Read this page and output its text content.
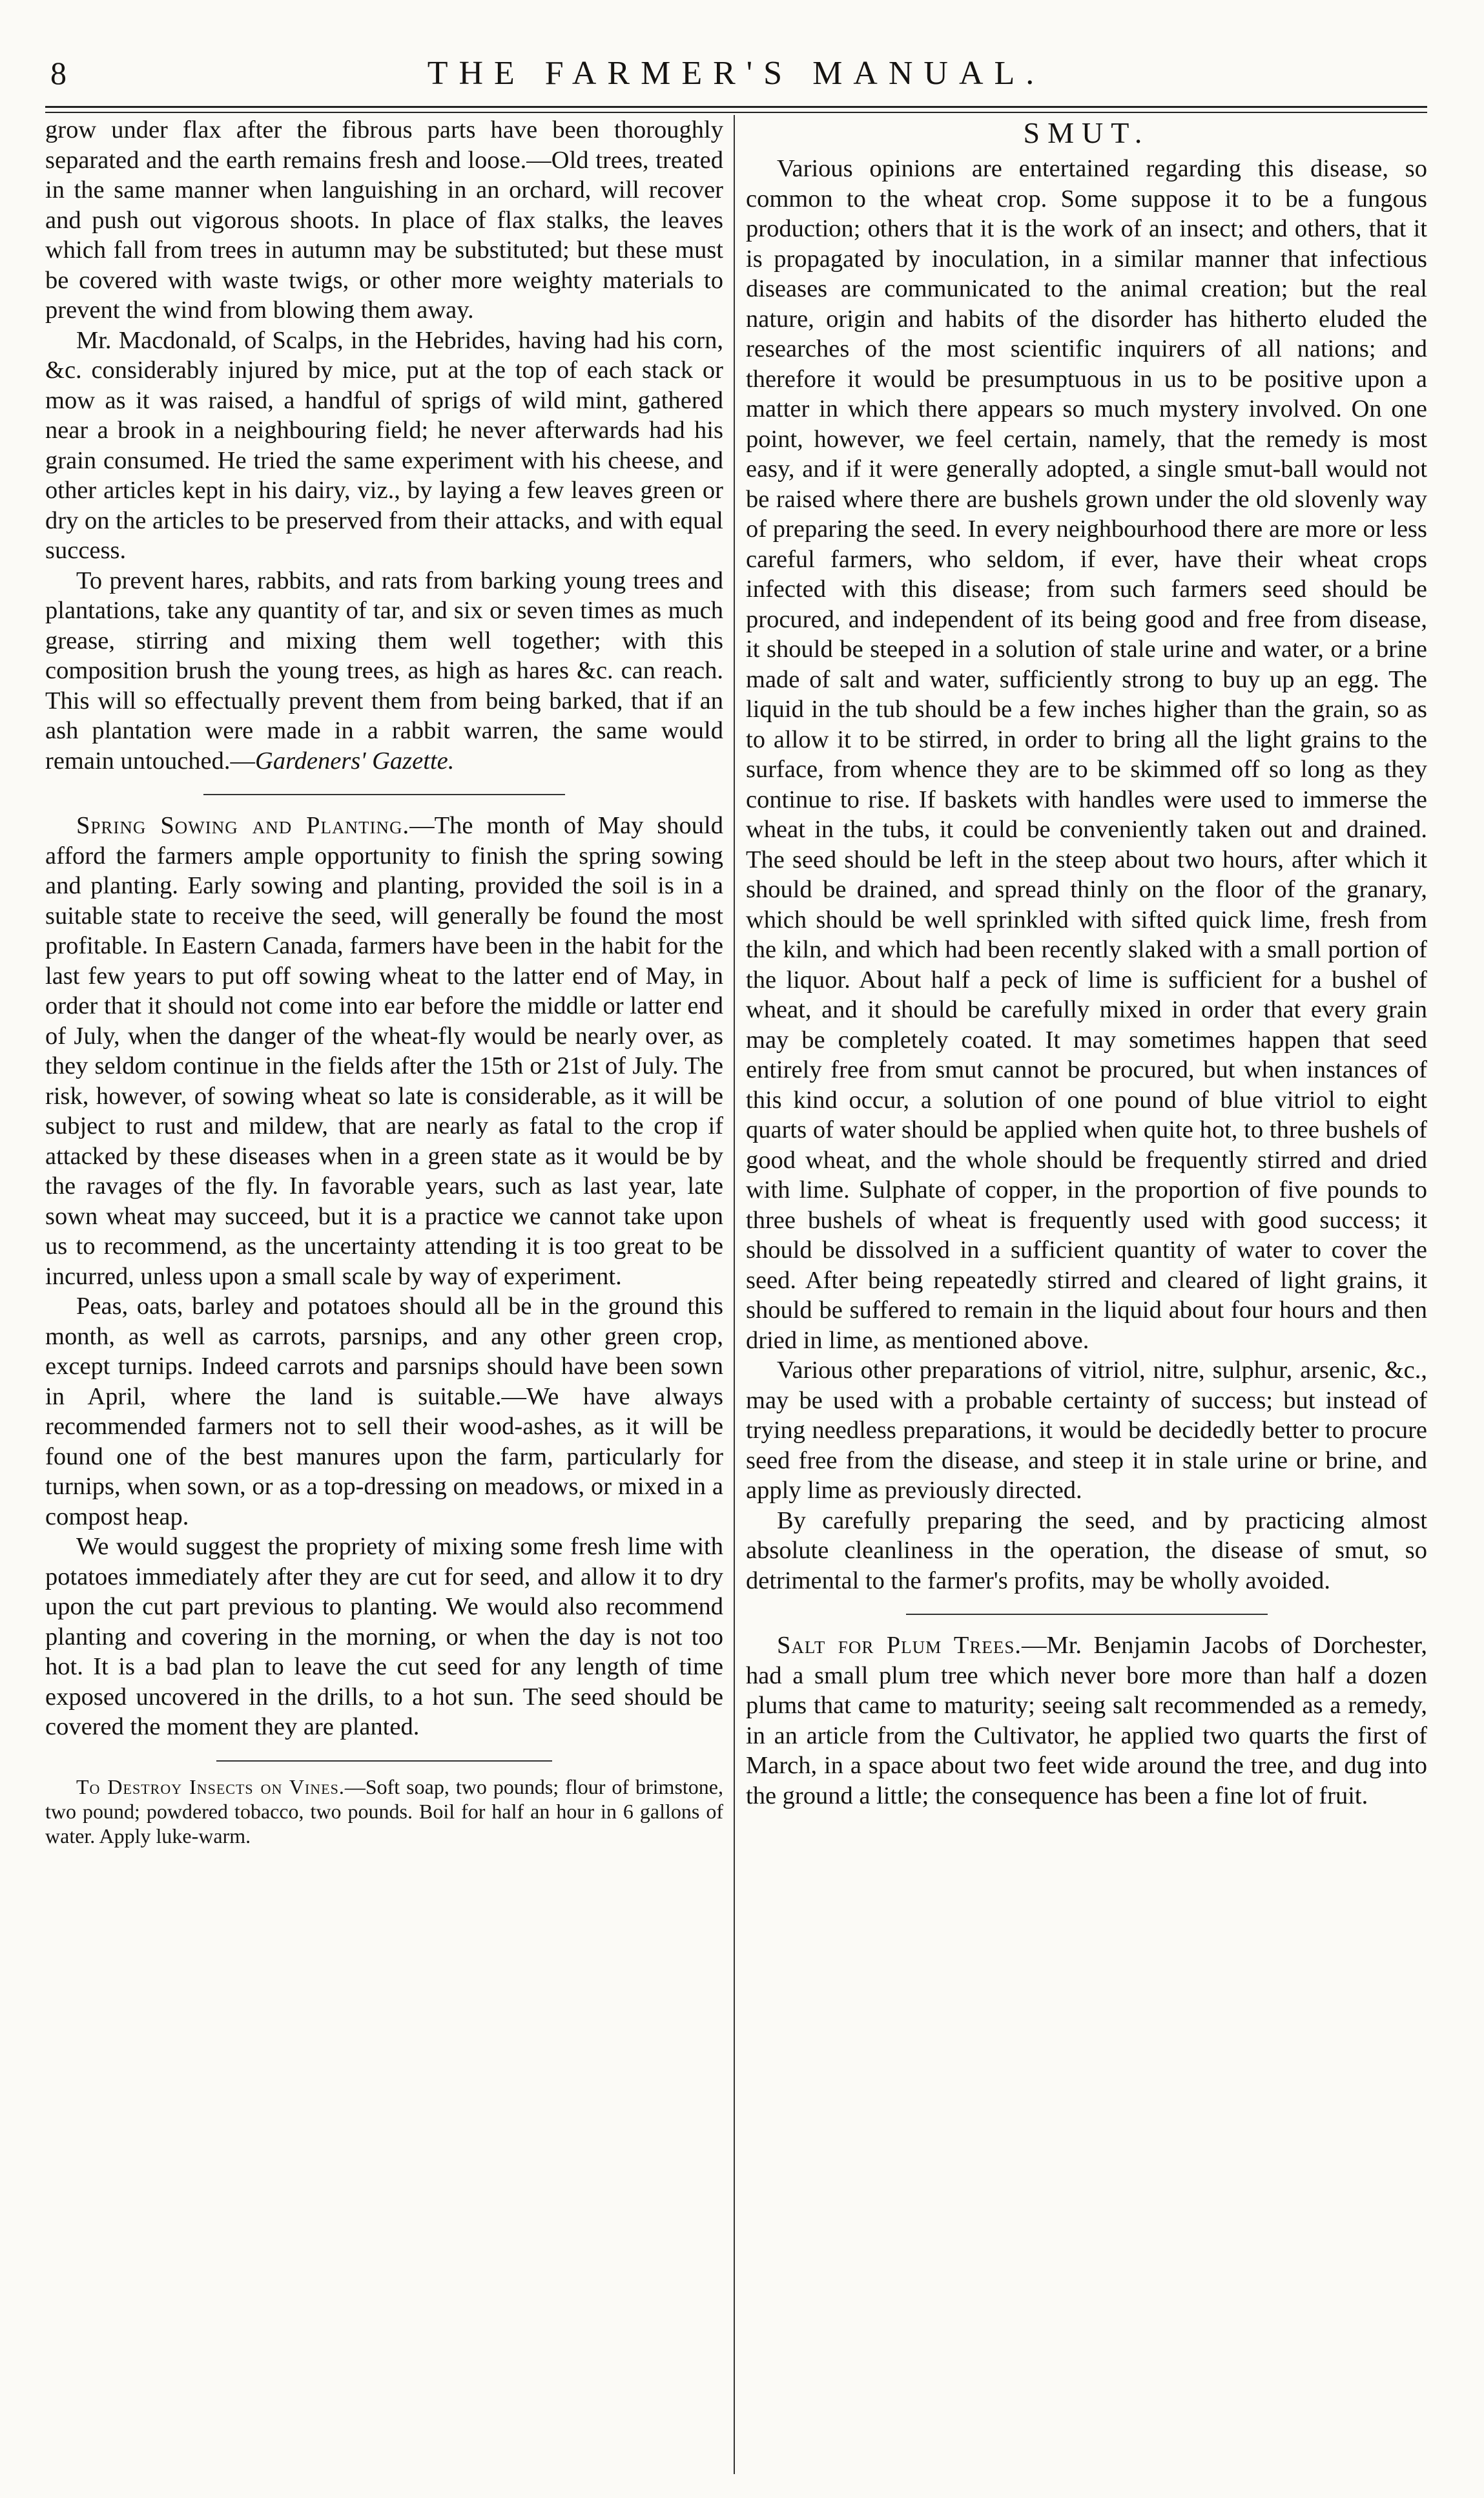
8	THE FARMER'S MANUAL.

grow under flax after the fibrous parts have been thoroughly separated and the earth remains fresh and loose.—Old trees, treated in the same manner when languishing in an orchard, will recover and push out vigorous shoots. In place of flax stalks, the leaves which fall from trees in autumn may be substituted; but these must be covered with waste twigs, or other more weighty materials to prevent the wind from blowing them away.

Mr. Macdonald, of Scalps, in the Hebrides, having had his corn, &c. considerably injured by mice, put at the top of each stack or mow as it was raised, a handful of sprigs of wild mint, gathered near a brook in a neighbouring field; he never afterwards had his grain consumed. He tried the same experiment with his cheese, and other articles kept in his dairy, viz., by laying a few leaves green or dry on the articles to be preserved from their attacks, and with equal success.

To prevent hares, rabbits, and rats from barking young trees and plantations, take any quantity of tar, and six or seven times as much grease, stirring and mixing them well together; with this composition brush the young trees, as high as hares &c. can reach. This will so effectually prevent them from being barked, that if an ash plantation were made in a rabbit warren, the same would remain untouched.—Gardeners' Gazette.

Spring Sowing and Planting.—The month of May should afford the farmers ample opportunity to finish the spring sowing and planting. Early sowing and planting, provided the soil is in a suitable state to receive the seed, will generally be found the most profitable. In Eastern Canada, farmers have been in the habit for the last few years to put off sowing wheat to the latter end of May, in order that it should not come into ear before the middle or latter end of July, when the danger of the wheat-fly would be nearly over, as they seldom continue in the fields after the 15th or 21st of July. The risk, however, of sowing wheat so late is considerable, as it will be subject to rust and mildew, that are nearly as fatal to the crop if attacked by these diseases when in a green state as it would be by the ravages of the fly. In favorable years, such as last year, late sown wheat may succeed, but it is a practice we cannot take upon us to recommend, as the uncertainty attending it is too great to be incurred, unless upon a small scale by way of experiment.

Peas, oats, barley and potatoes should all be in the ground this month, as well as carrots, parsnips, and any other green crop, except turnips. Indeed carrots and parsnips should have been sown in April, where the land is suitable.—We have always recommended farmers not to sell their wood-ashes, as it will be found one of the best manures upon the farm, particularly for turnips, when sown, or as a top-dressing on meadows, or mixed in a compost heap.

We would suggest the propriety of mixing some fresh lime with potatoes immediately after they are cut for seed, and allow it to dry upon the cut part previous to planting. We would also recommend planting and covering in the morning, or when the day is not too hot. It is a bad plan to leave the cut seed for any length of time exposed uncovered in the drills, to a hot sun. The seed should be covered the moment they are planted.

To Destroy Insects on Vines.—Soft soap, two pounds; flour of brimstone, two pound; powdered tobacco, two pounds. Boil for half an hour in 6 gallons of water. Apply luke-warm.

SMUT.

Various opinions are entertained regarding this disease, so common to the wheat crop. Some suppose it to be a fungous production; others that it is the work of an insect; and others, that it is propagated by inoculation, in a similar manner that infectious diseases are communicated to the animal creation; but the real nature, origin and habits of the disorder has hitherto eluded the researches of the most scientific inquirers of all nations; and therefore it would be presumptuous in us to be positive upon a matter in which there appears so much mystery involved. On one point, however, we feel certain, namely, that the remedy is most easy, and if it were generally adopted, a single smut-ball would not be raised where there are bushels grown under the old slovenly way of preparing the seed. In every neighbourhood there are more or less careful farmers, who seldom, if ever, have their wheat crops infected with this disease; from such farmers seed should be procured, and independent of its being good and free from disease, it should be steeped in a solution of stale urine and water, or a brine made of salt and water, sufficiently strong to buy up an egg. The liquid in the tub should be a few inches higher than the grain, so as to allow it to be stirred, in order to bring all the light grains to the surface, from whence they are to be skimmed off so long as they continue to rise. If baskets with handles were used to immerse the wheat in the tubs, it could be conveniently taken out and drained. The seed should be left in the steep about two hours, after which it should be drained, and spread thinly on the floor of the granary, which should be well sprinkled with sifted quick lime, fresh from the kiln, and which had been recently slaked with a small portion of the liquor. About half a peck of lime is sufficient for a bushel of wheat, and it should be carefully mixed in order that every grain may be completely coated. It may sometimes happen that seed entirely free from smut cannot be procured, but when instances of this kind occur, a solution of one pound of blue vitriol to eight quarts of water should be applied when quite hot, to three bushels of good wheat, and the whole should be frequently stirred and dried with lime. Sulphate of copper, in the proportion of five pounds to three bushels of wheat is frequently used with good success; it should be dissolved in a sufficient quantity of water to cover the seed. After being repeatedly stirred and cleared of light grains, it should be suffered to remain in the liquid about four hours and then dried in lime, as mentioned above.

Various other preparations of vitriol, nitre, sulphur, arsenic, &c., may be used with a probable certainty of success; but instead of trying needless preparations, it would be decidedly better to procure seed free from the disease, and steep it in stale urine or brine, and apply lime as previously directed.

By carefully preparing the seed, and by practicing almost absolute cleanliness in the operation, the disease of smut, so detrimental to the farmer's profits, may be wholly avoided.

Salt for Plum Trees.—Mr. Benjamin Jacobs of Dorchester, had a small plum tree which never bore more than half a dozen plums that came to maturity; seeing salt recommended as a remedy, in an article from the Cultivator, he applied two quarts the first of March, in a space about two feet wide around the tree, and dug into the ground a little; the consequence has been a fine lot of fruit.
